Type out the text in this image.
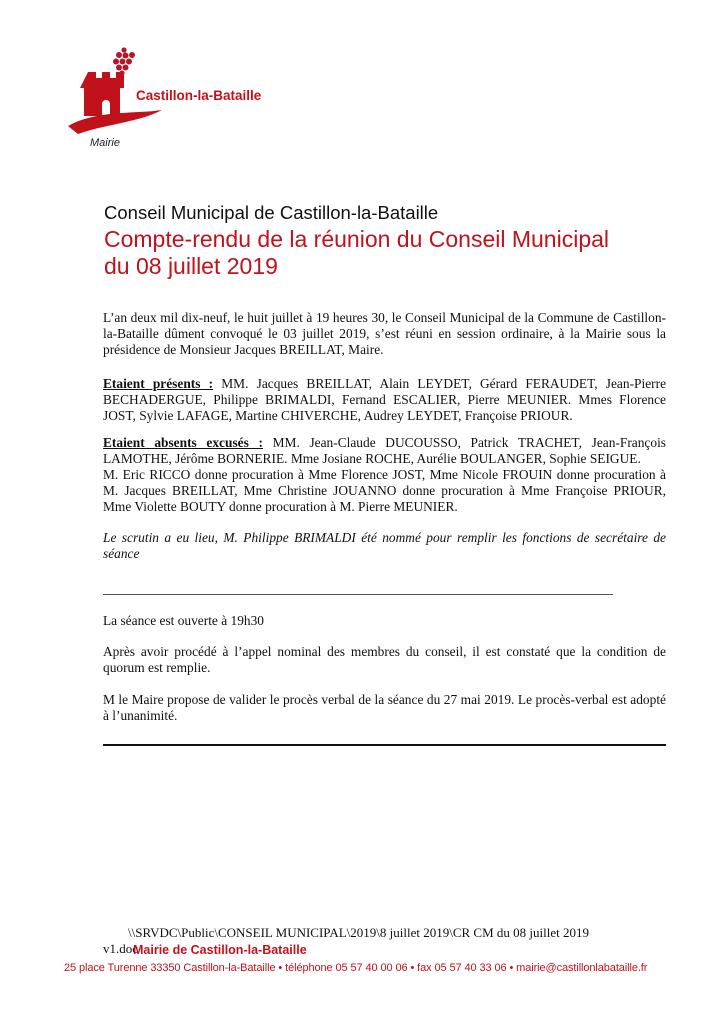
Castillon-la-Bataille
Mairie
Conseil Municipal de Castillon-la-Bataille
Compte-rendu de la réunion du Conseil Municipal
du 08 juillet 2019

L’an deux mil dix-neuf, le huit juillet à 19 heures 30, le Conseil Municipal de la Commune de Castillon-la-Bataille dûment convoqué le 03 juillet 2019, s’est réuni en session ordinaire, à la Mairie sous la présidence de Monsieur Jacques BREILLAT, Maire.

Etaient présents : MM. Jacques BREILLAT, Alain LEYDET, Gérard FERAUDET, Jean-Pierre BECHADERGUE, Philippe BRIMALDI, Fernand ESCALIER, Pierre MEUNIER. Mmes Florence JOST, Sylvie LAFAGE, Martine CHIVERCHE, Audrey LEYDET, Françoise PRIOUR.

Etaient absents excusés : MM. Jean-Claude DUCOUSSO, Patrick TRACHET, Jean-François LAMOTHE, Jérôme BORNERIE. Mme Josiane ROCHE, Aurélie BOULANGER, Sophie SEIGUE.

M. Eric RICCO donne procuration à Mme Florence JOST, Mme Nicole FROUIN donne procuration à M. Jacques BREILLAT, Mme Christine JOUANNO donne procuration à Mme Françoise PRIOUR, Mme Violette BOUTY donne procuration à M. Pierre MEUNIER.

Le scrutin a eu lieu, M. Philippe BRIMALDI été nommé pour remplir les fonctions de secrétaire de séance

La séance est ouverte à 19h30

Après avoir procédé à l’appel nominal des membres du conseil, il est constaté que la condition de quorum est remplie.

M le Maire propose de valider le procès verbal de la séance du 27 mai 2019. Le procès-verbal est adopté à l’unanimité.

\\SRVDC\Public\CONSEIL MUNICIPAL\2019\8 juillet 2019\CR CM du 08 juillet 2019
v1.doc
Mairie de Castillon-la-Bataille
25 place Turenne 33350 Castillon-la-Bataille • téléphone 05 57 40 00 06 • fax 05 57 40 33 06 • mairie@castillonlabataille.fr
